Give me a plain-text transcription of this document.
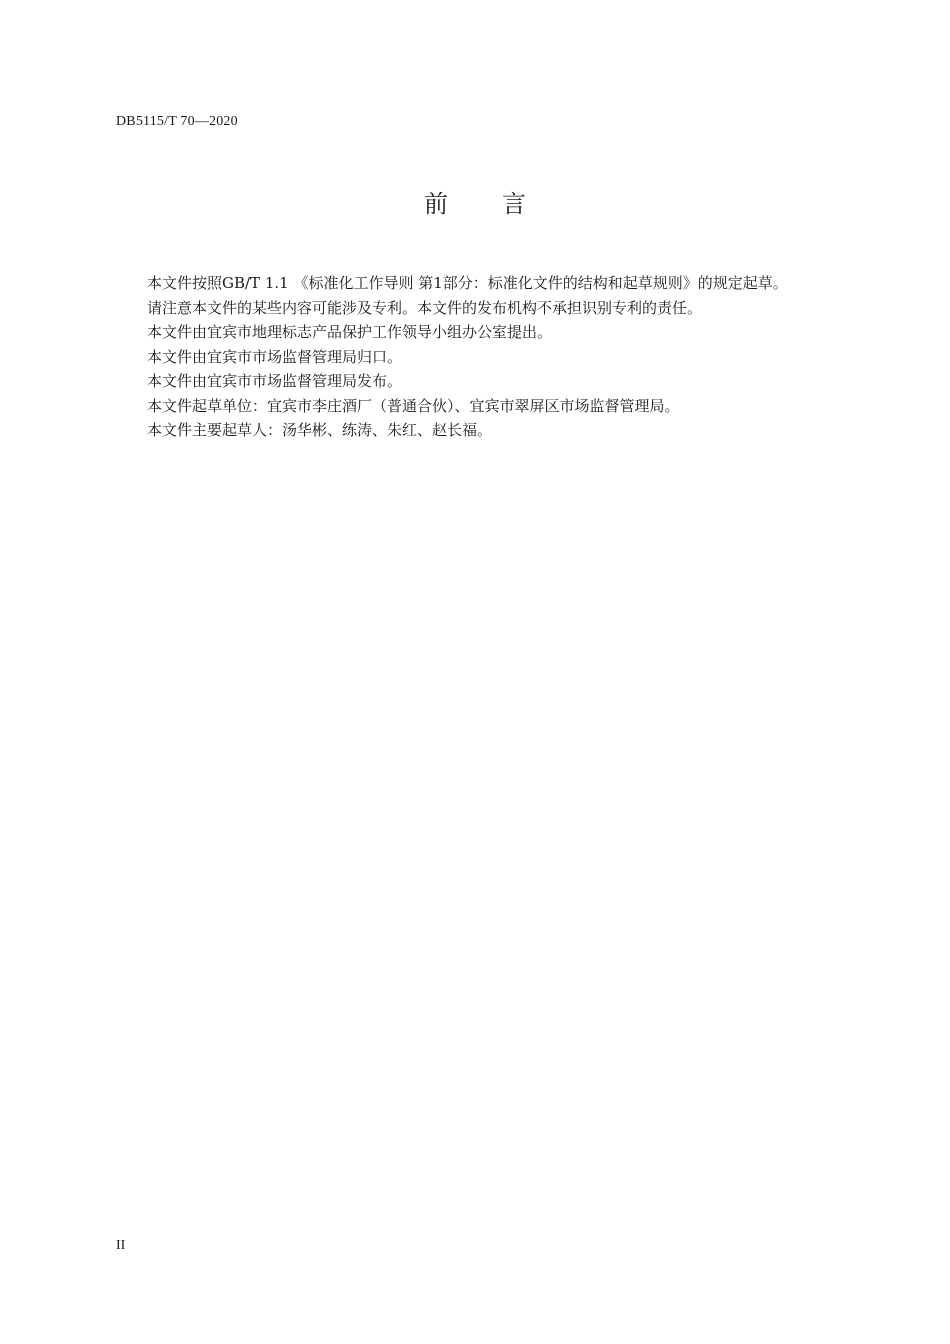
DB5115/T 70—2020
前言
本文件按照GB/T 1.1 《标准化工作导则 第1部分：标准化文件的结构和起草规则》的规定起草。
请注意本文件的某些内容可能涉及专利。本文件的发布机构不承担识别专利的责任。
本文件由宜宾市地理标志产品保护工作领导小组办公室提出。
本文件由宜宾市市场监督管理局归口。
本文件由宜宾市市场监督管理局发布。
本文件起草单位：宜宾市李庄酒厂（普通合伙）、宜宾市翠屏区市场监督管理局。
本文件主要起草人：汤华彬、练涛、朱红、赵长福。
II
